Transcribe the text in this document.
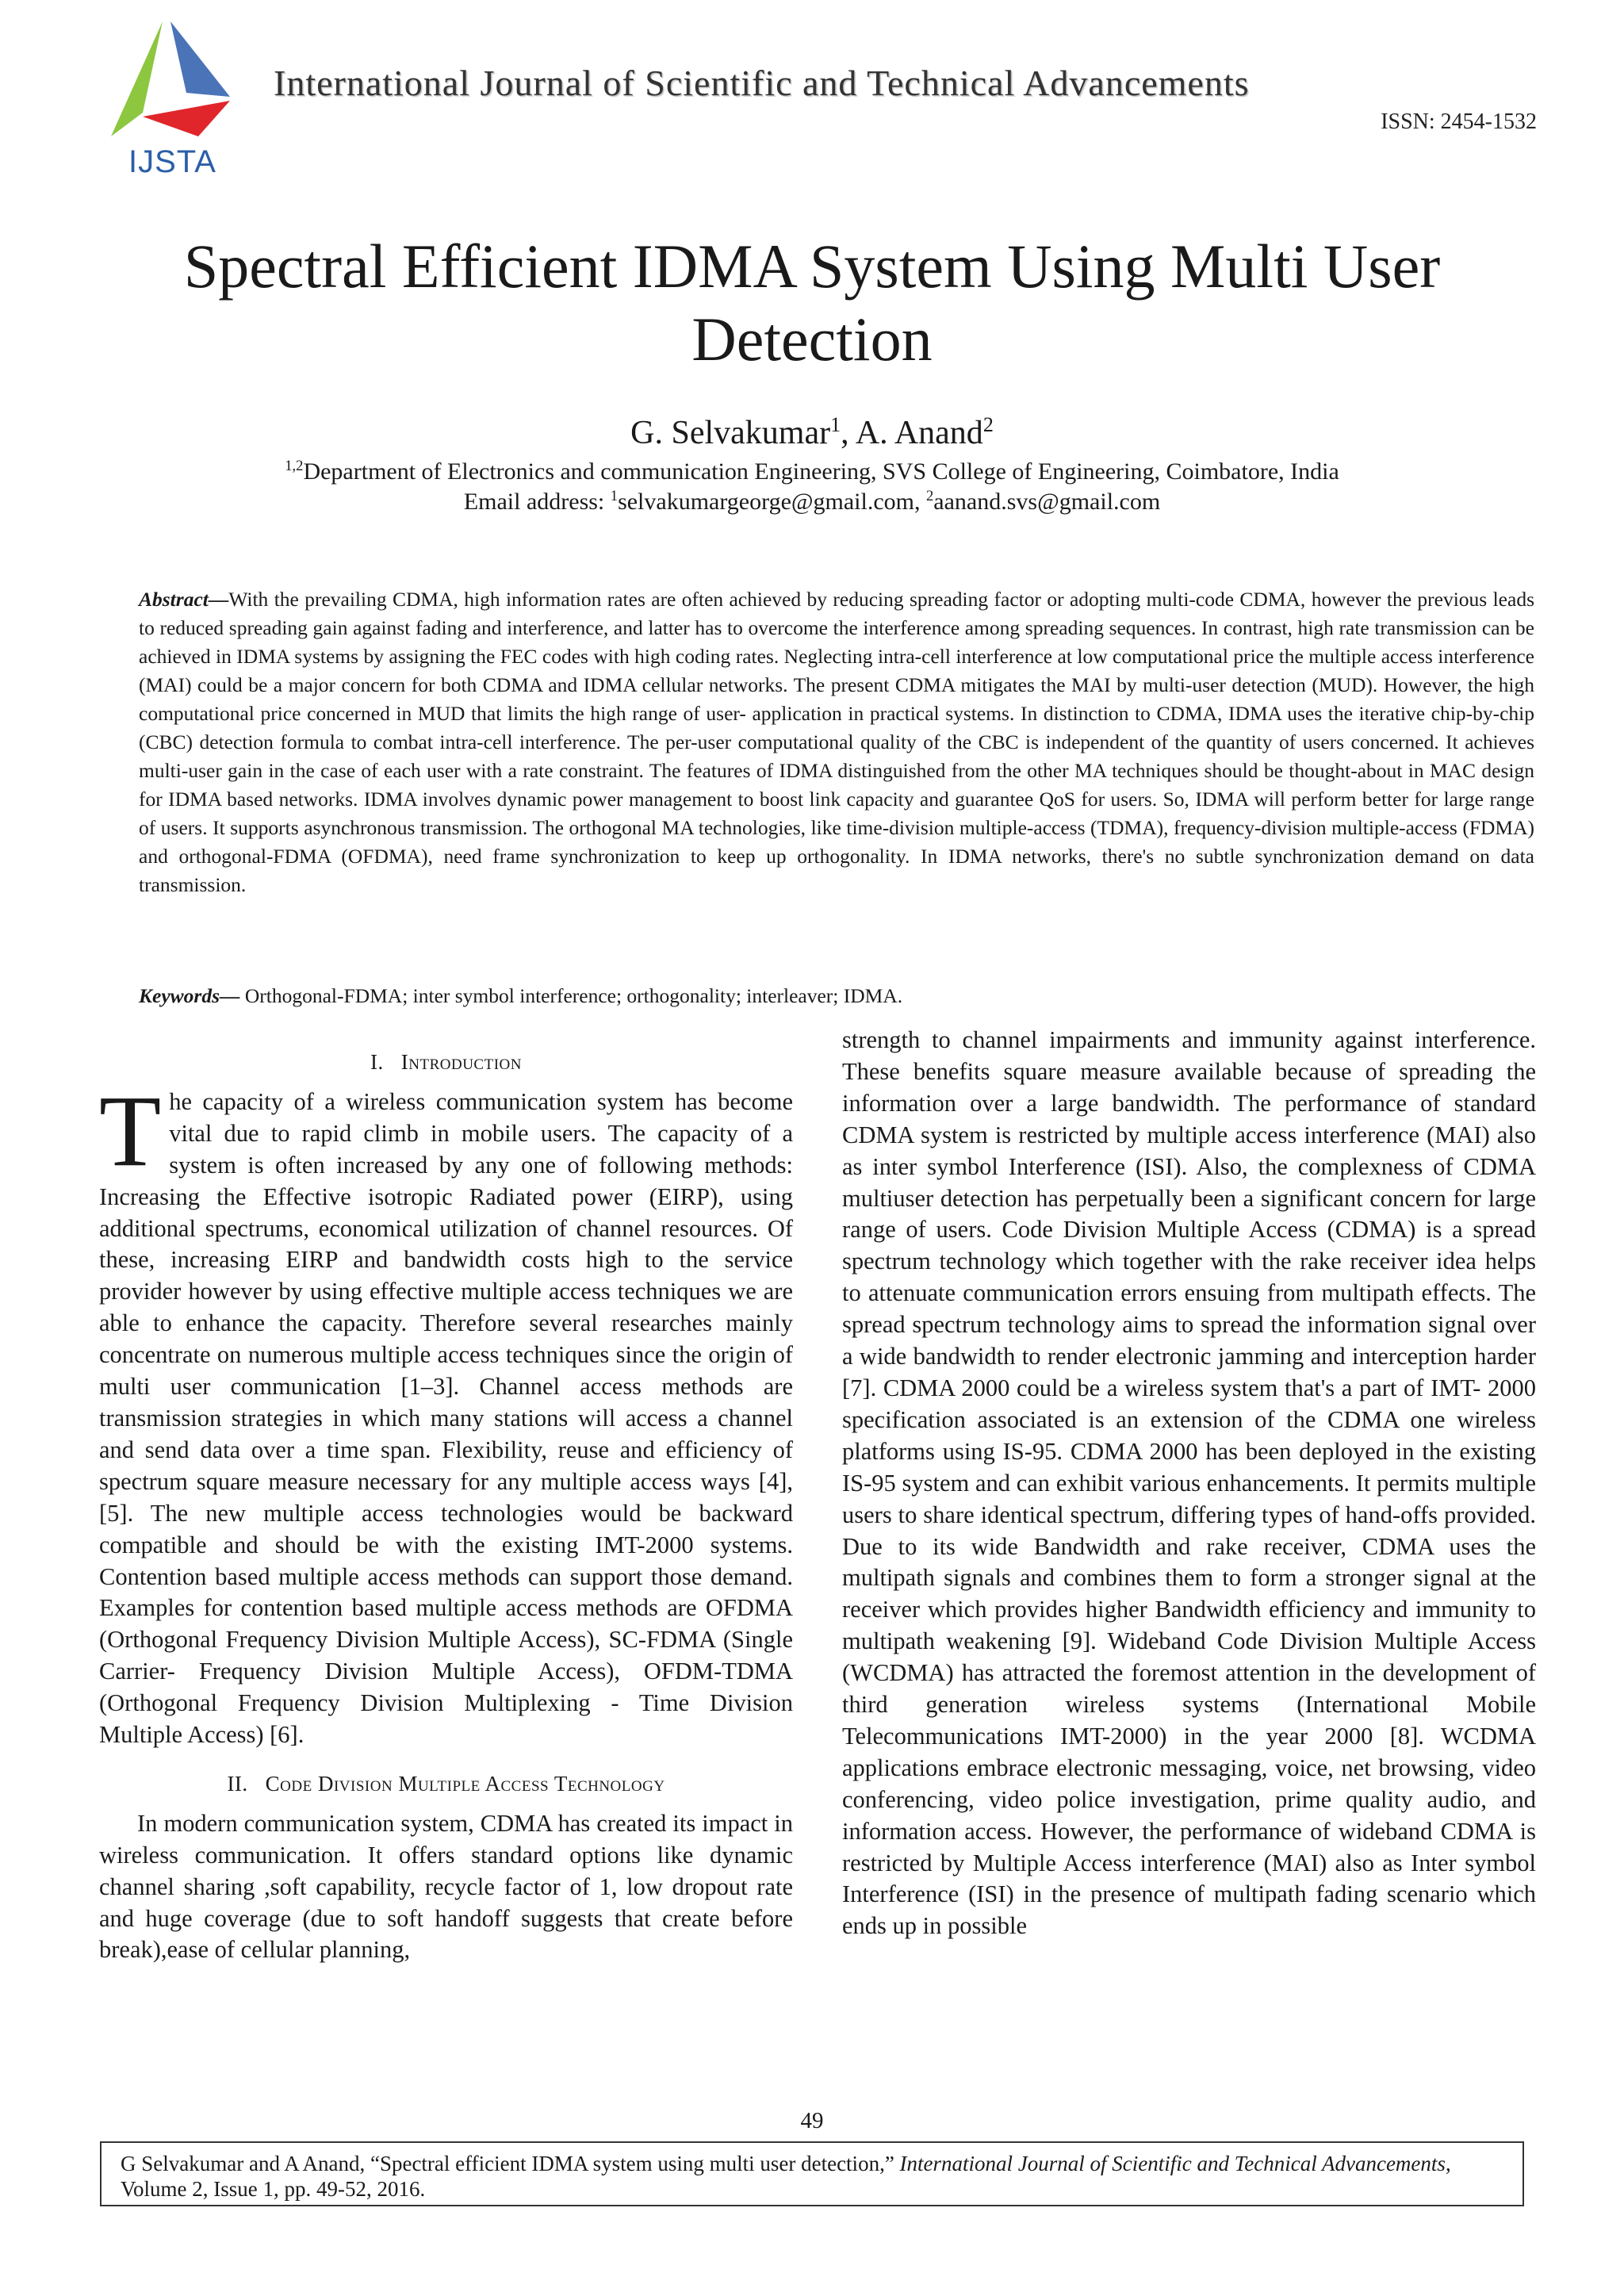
IJSTA
International Journal of Scientific and Technical Advancements
ISSN: 2454-1532
Spectral Efficient IDMA System Using Multi User Detection
G. Selvakumar$^1$, A. Anand$^2$
$^{1,2}$Department of Electronics and communication Engineering, SVS College of Engineering, Coimbatore, India
Email address: $^1$selvakumargeorge@gmail.com, $^2$aanand.svs@gmail.com
Abstract—With the prevailing CDMA, high information rates are often achieved by reducing spreading factor or adopting multi-code CDMA, however the previous leads to reduced spreading gain against fading and interference, and latter has to overcome the interference among spreading sequences. In contrast, high rate transmission can be achieved in IDMA systems by assigning the FEC codes with high coding rates. Neglecting intra-cell interference at low computational price the multiple access interference (MAI) could be a major concern for both CDMA and IDMA cellular networks. The present CDMA mitigates the MAI by multi-user detection (MUD). However, the high computational price concerned in MUD that limits the high range of user- application in practical systems. In distinction to CDMA, IDMA uses the iterative chip-by-chip (CBC) detection formula to combat intra-cell interference. The per-user computational quality of the CBC is independent of the quantity of users concerned. It achieves multi-user gain in the case of each user with a rate constraint. The features of IDMA distinguished from the other MA techniques should be thought-about in MAC design for IDMA based networks. IDMA involves dynamic power management to boost link capacity and guarantee QoS for users. So, IDMA will perform better for large range of users. It supports asynchronous transmission. The orthogonal MA technologies, like time-division multiple-access (TDMA), frequency-division multiple-access (FDMA) and orthogonal-FDMA (OFDMA), need frame synchronization to keep up orthogonality. In IDMA networks, there's no subtle synchronization demand on data transmission.
Keywords— Orthogonal-FDMA; inter symbol interference; orthogonality; interleaver; IDMA.
I. Introduction

The capacity of a wireless communication system has become vital due to rapid climb in mobile users. The capacity of a system is often increased by any one of following methods: Increasing the Effective isotropic Radiated power (EIRP), using additional spectrums, economical utilization of channel resources. Of these, increasing EIRP and bandwidth costs high to the service provider however by using effective multiple access techniques we are able to enhance the capacity. Therefore several researches mainly concentrate on numerous multiple access techniques since the origin of multi user communication [1–3]. Channel access methods are transmission strategies in which many stations will access a channel and send data over a time span. Flexibility, reuse and efficiency of spectrum square measure necessary for any multiple access ways [4], [5]. The new multiple access technologies would be backward compatible and should be with the existing IMT-2000 systems. Contention based multiple access methods can support those demand. Examples for contention based multiple access methods are OFDMA (Orthogonal Frequency Division Multiple Access), SC-FDMA (Single Carrier- Frequency Division Multiple Access), OFDM-TDMA (Orthogonal Frequency Division Multiplexing - Time Division Multiple Access) [6].

II. Code Division Multiple Access Technology

In modern communication system, CDMA has created its impact in wireless communication. It offers standard options like dynamic channel sharing ,soft capability, recycle factor of 1, low dropout rate and huge coverage (due to soft handoff suggests that create before break),ease of cellular planning,

strength to channel impairments and immunity against interference. These benefits square measure available because of spreading the information over a large bandwidth. The performance of standard CDMA system is restricted by multiple access interference (MAI) also as inter symbol Interference (ISI). Also, the complexness of CDMA multiuser detection has perpetually been a significant concern for large range of users. Code Division Multiple Access (CDMA) is a spread spectrum technology which together with the rake receiver idea helps to attenuate communication errors ensuing from multipath effects. The spread spectrum technology aims to spread the information signal over a wide bandwidth to render electronic jamming and interception harder [7]. CDMA 2000 could be a wireless system that's a part of IMT- 2000 specification associated is an extension of the CDMA one wireless platforms using IS-95. CDMA 2000 has been deployed in the existing IS-95 system and can exhibit various enhancements. It permits multiple users to share identical spectrum, differing types of hand-offs provided. Due to its wide Bandwidth and rake receiver, CDMA uses the multipath signals and combines them to form a stronger signal at the receiver which provides higher Bandwidth efficiency and immunity to multipath weakening [9]. Wideband Code Division Multiple Access (WCDMA) has attracted the foremost attention in the development of third generation wireless systems (International Mobile Telecommunications IMT-2000) in the year 2000 [8]. WCDMA applications embrace electronic messaging, voice, net browsing, video conferencing, video police investigation, prime quality audio, and information access. However, the performance of wideband CDMA is restricted by Multiple Access interference (MAI) also as Inter symbol Interference (ISI) in the presence of multipath fading scenario which ends up in possible

49
G Selvakumar and A Anand, “Spectral efficient IDMA system using multi user detection,” International Journal of Scientific and Technical Advancements, Volume 2, Issue 1, pp. 49-52, 2016.
